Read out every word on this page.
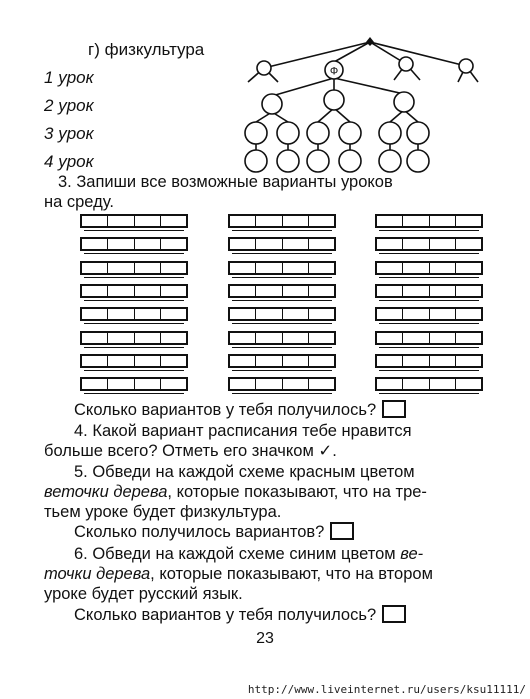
г) физкультура
1 урок
2 урок
3 урок
4 урок
Ф
3. Запиши все возможные варианты уроков
на среду.
Сколько вариантов у тебя получилось?
4. Какой вариант расписания тебе нравится
больше всего? Отметь его значком ✓.
5. Обведи на каждой схеме красным цветом
веточки дерева, которые показывают, что на тре-
тьем уроке будет физкультура.
Сколько получилось вариантов?
6. Обведи на каждой схеме синим цветом ве-
точки дерева, которые показывают, что на втором
уроке будет русский язык.
Сколько вариантов у тебя получилось?
23
http://www.liveinternet.ru/users/ksu11111/
